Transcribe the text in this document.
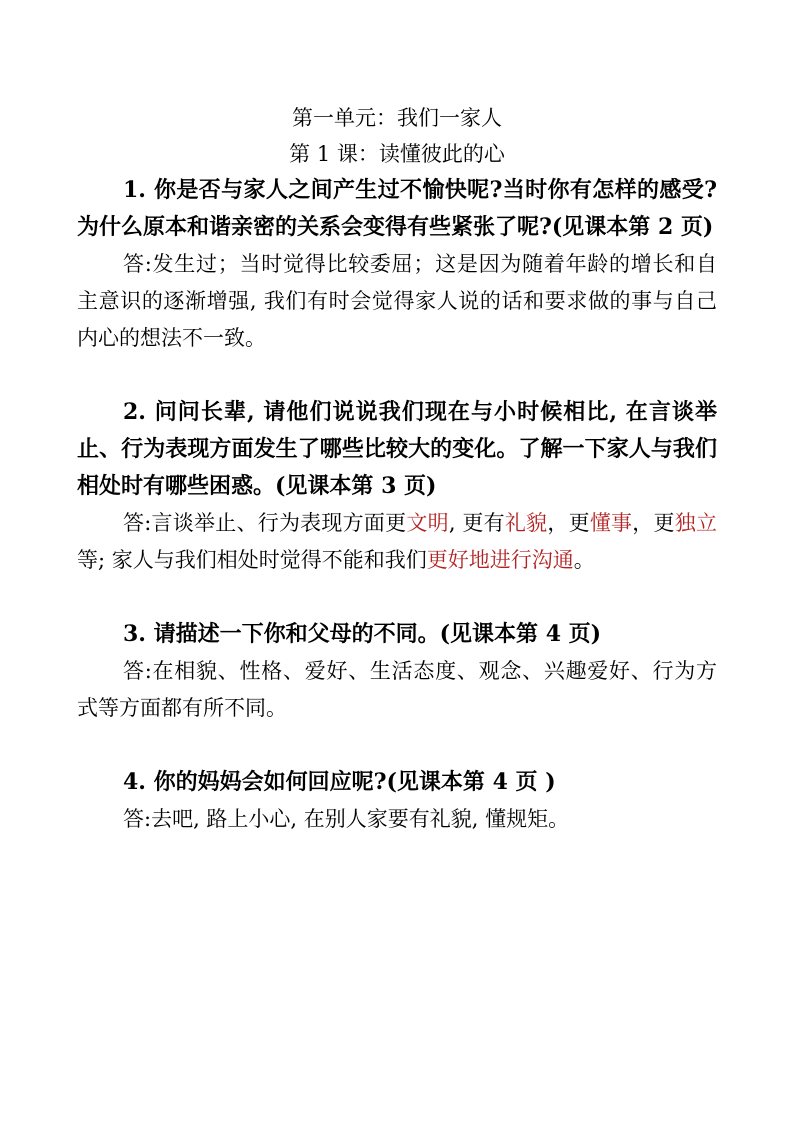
第一单元：我们一家人

第 1 课：读懂彼此的心

1. 你是否与家人之间产生过不愉快呢?当时你有怎样的感受?为什么原本和谐亲密的关系会变得有些紧张了呢?(见课本第 2 页)

答:发生过；当时觉得比较委屈；这是因为随着年龄的增长和自主意识的逐渐增强, 我们有时会觉得家人说的话和要求做的事与自己内心的想法不一致。

2. 问问长辈, 请他们说说我们现在与小时候相比, 在言谈举止、行为表现方面发生了哪些比较大的变化。了解一下家人与我们相处时有哪些困惑。(见课本第 3 页)

答:言谈举止、行为表现方面更文明, 更有礼貌，更懂事，更独立等; 家人与我们相处时觉得不能和我们更好地进行沟通。

3. 请描述一下你和父母的不同。(见课本第 4 页)

答:在相貌、性格、爱好、生活态度、观念、兴趣爱好、行为方式等方面都有所不同。

4. 你的妈妈会如何回应呢?(见课本第 4 页 )

答:去吧, 路上小心, 在别人家要有礼貌, 懂规矩。
